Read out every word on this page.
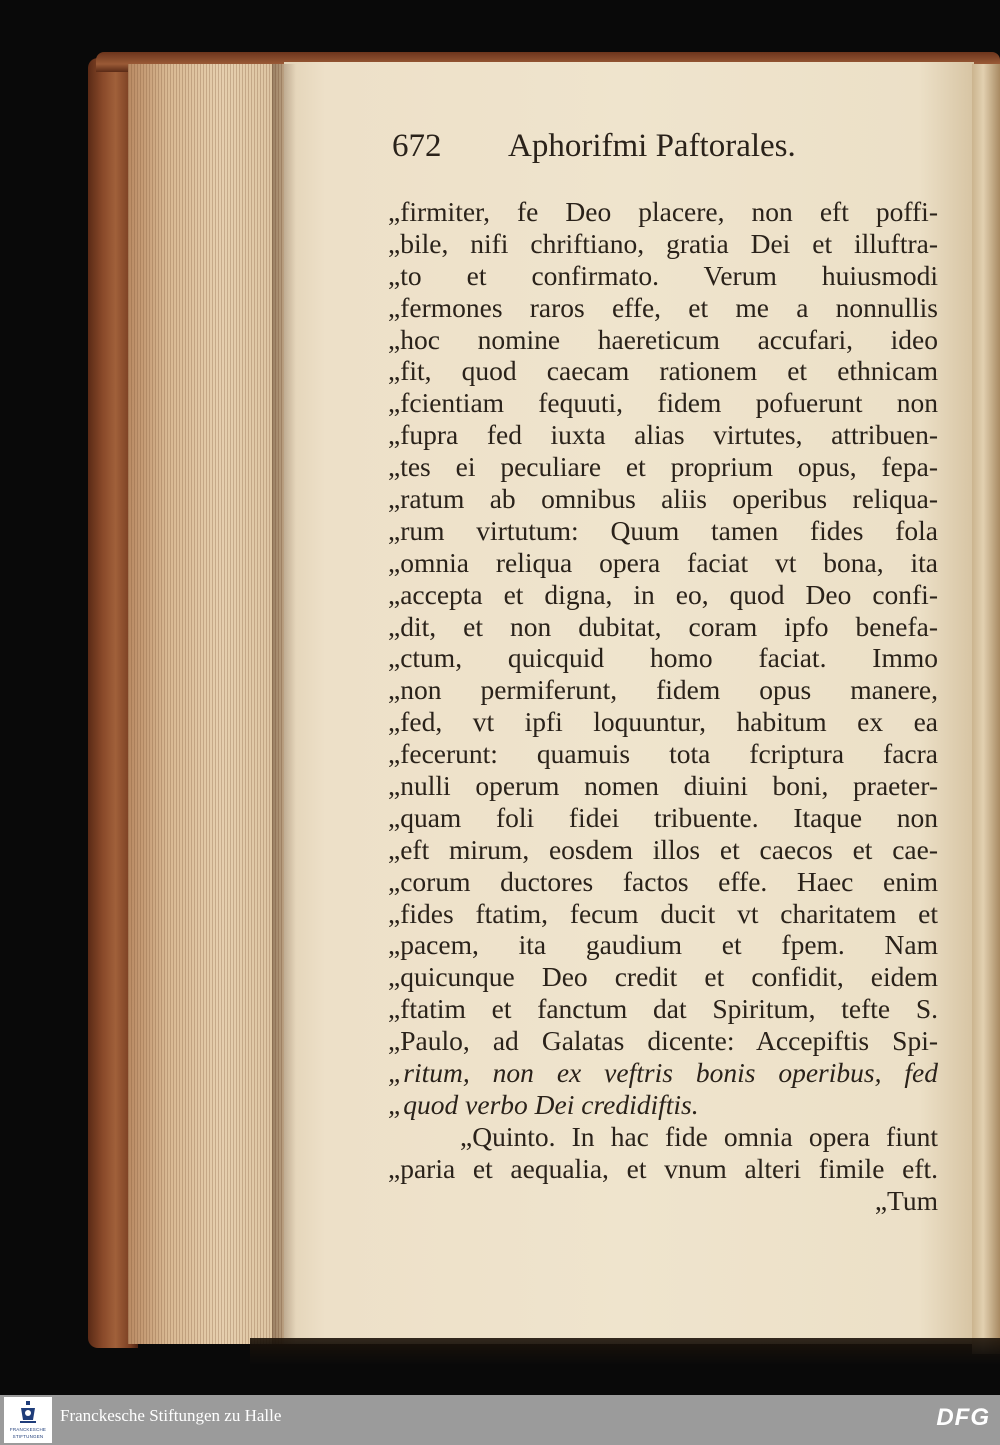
672 Aphorifmi Paftorales.
„firmiter, fe Deo placere, non eft poffi-
„bile, nifi chriftiano, gratia Dei et illuftra-
„to et confirmato. Verum huiusmodi
„fermones raros effe, et me a nonnullis
„hoc nomine haereticum accufari, ideo
„fit, quod caecam rationem et ethnicam
„fcientiam fequuti, fidem pofuerunt non
„fupra fed iuxta alias virtutes, attribuen-
„tes ei peculiare et proprium opus, fepa-
„ratum ab omnibus aliis operibus reliqua-
„rum virtutum: Quum tamen fides fola
„omnia reliqua opera faciat vt bona, ita
„accepta et digna, in eo, quod Deo confi-
„dit, et non dubitat, coram ipfo benefa-
„ctum, quicquid homo faciat. Immo
„non permiferunt, fidem opus manere,
„fed, vt ipfi loquuntur, habitum ex ea
„fecerunt: quamuis tota fcriptura facra
„nulli operum nomen diuini boni, praeter-
„quam foli fidei tribuente. Itaque non
„eft mirum, eosdem illos et caecos et cae-
„corum ductores factos effe. Haec enim
„fides ftatim, fecum ducit vt charitatem et
„pacem, ita gaudium et fpem. Nam
„quicunque Deo credit et confidit, eidem
„ftatim et fanctum dat Spiritum, tefte S.
„Paulo, ad Galatas dicente: Accepiftis Spi-
„ritum, non ex veftris bonis operibus, fed
„quod verbo Dei credidiftis.
„Quinto. In hac fide omnia opera fiunt
„paria et aequalia, et vnum alteri fimile eft.
„Tum
FRANCKESCHE
STIFTUNGEN
Franckesche Stiftungen zu Halle	DFG
